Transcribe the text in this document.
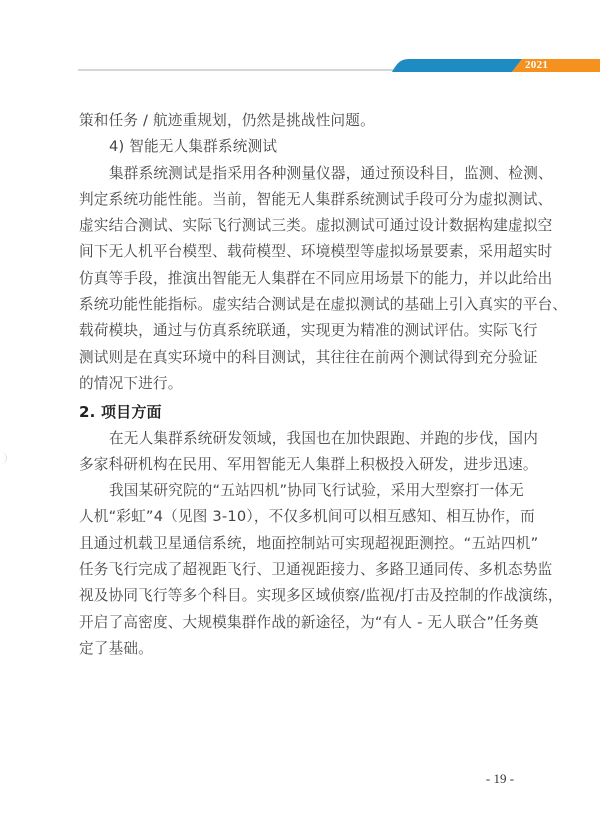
2021
策和任务 / 航迹重规划，仍然是挑战性问题。
4) 智能无人集群系统测试
集群系统测试是指采用各种测量仪器，通过预设科目，监测、检测、
判定系统功能性能。当前，智能无人集群系统测试手段可分为虚拟测试、
虚实结合测试、实际飞行测试三类。虚拟测试可通过设计数据构建虚拟空
间下无人机平台模型、载荷模型、环境模型等虚拟场景要素，采用超实时
仿真等手段，推演出智能无人集群在不同应用场景下的能力，并以此给出
系统功能性能指标。虚实结合测试是在虚拟测试的基础上引入真实的平台、
载荷模块，通过与仿真系统联通，实现更为精准的测试评估。实际飞行
测试则是在真实环境中的科目测试，其往往在前两个测试得到充分验证
的情况下进行。
2. 项目方面
在无人集群系统研发领域，我国也在加快跟跑、并跑的步伐，国内
多家科研机构在民用、军用智能无人集群上积极投入研发，进步迅速。
我国某研究院的“五站四机”协同飞行试验，采用大型察打一体无
人机“彩虹”4（见图 3-10），不仅多机间可以相互感知、相互协作，而
且通过机载卫星通信系统，地面控制站可实现超视距测控。“五站四机”
任务飞行完成了超视距飞行、卫通视距接力、多路卫通同传、多机态势监
视及协同飞行等多个科目。实现多区域侦察/监视/打击及控制的作战演练，
开启了高密度、大规模集群作战的新途径，为“有人 - 无人联合”任务奠
定了基础。
- 19 -
